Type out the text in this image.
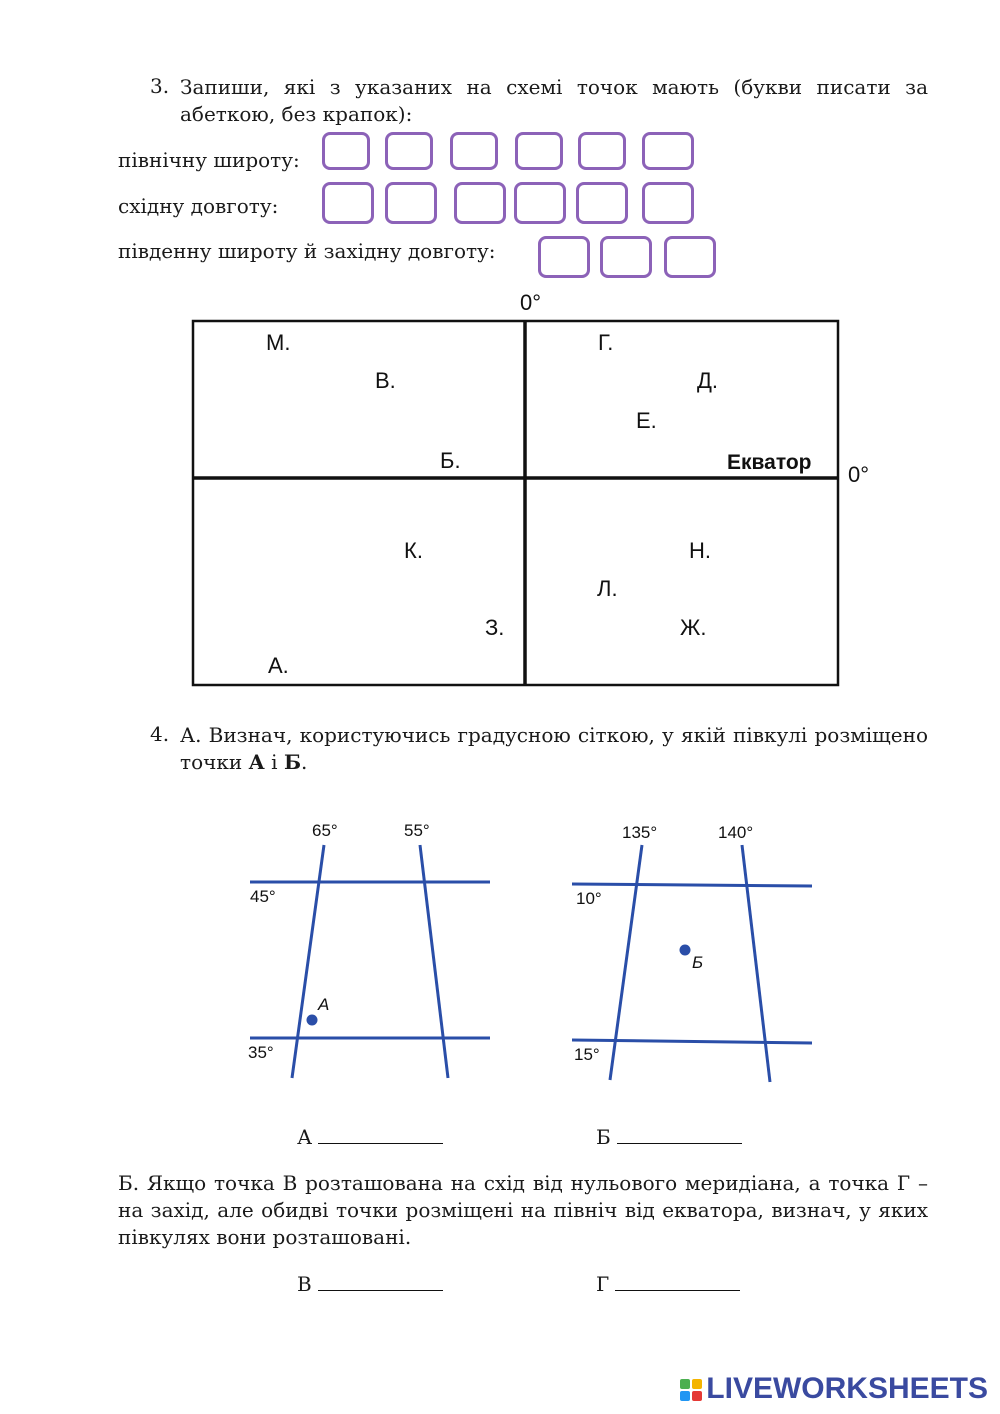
3. Запиши, які з указаних на схемі точок мають (букви писати за абеткою, без крапок):
північну широту:
східну довготу:
південну широту й західну довготу:
0°
Екватор 0°
М.
В.
Б.
Г.
Д.
Е.
К.
З.
А.
Н.
Л.
Ж.
4. А. Визнач, користуючись градусною сіткою, у якій півкулі розміщено точки А і Б.
65°	55°
45°
35°
А
135°	140°
10°
15°
Б
А	Б
Б. Якщо точка В розташована на схід від нульового меридіана, а точка Г – на захід, але обидві точки розміщені на північ від екватора, визнач, у яких півкулях вони розташовані.
В	Г
LIVEWORKSHEETS
